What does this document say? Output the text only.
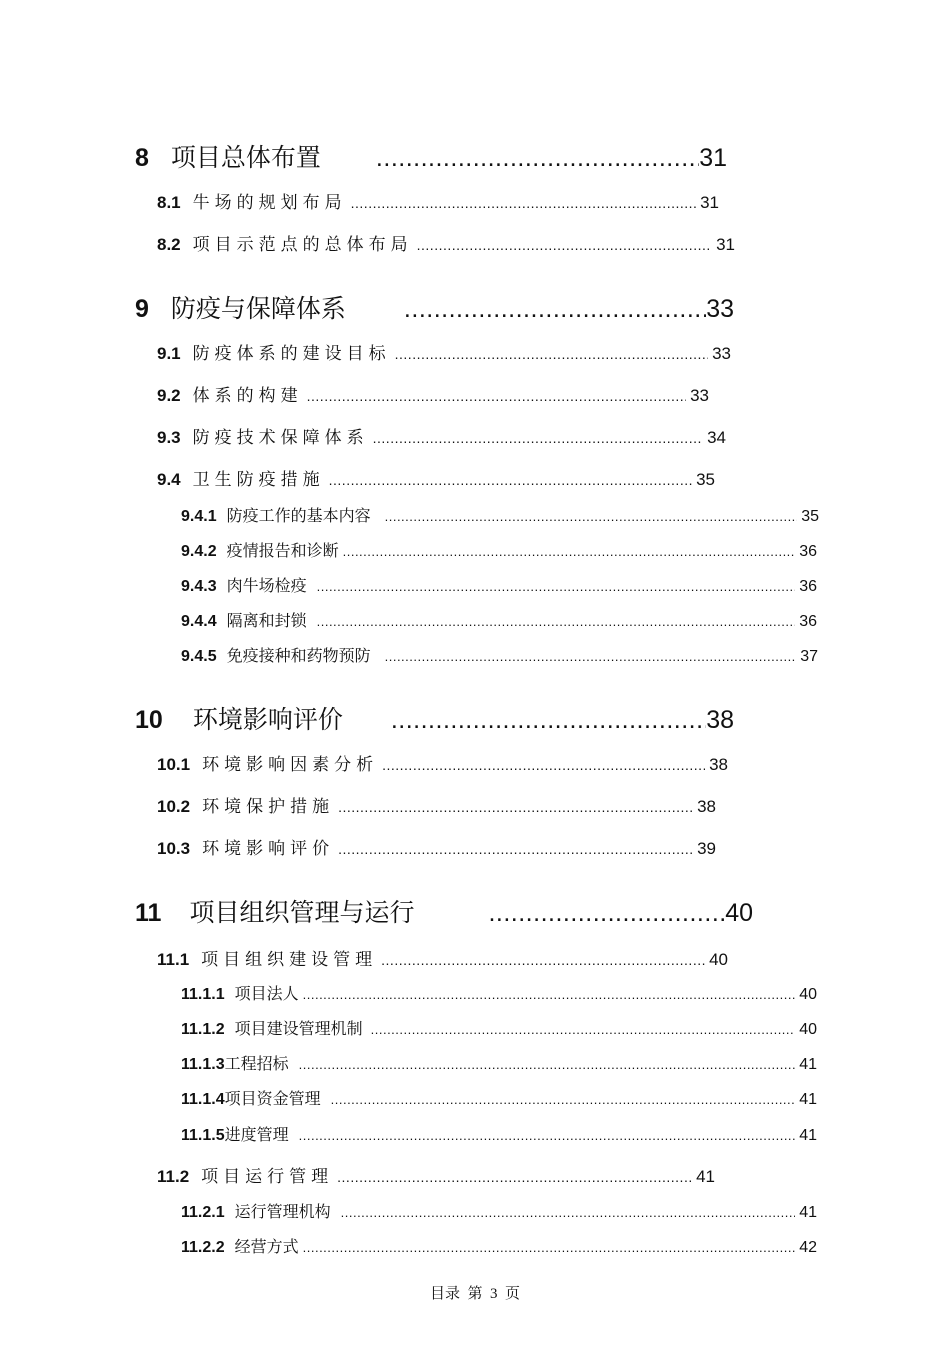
8 项目总体布置 .....	31
8.1 牛场的规划布局 .....	31
8.2 项目示范点的总体布局 .....	31
9 防疫与保障体系 .....	33
9.1 防疫体系的建设目标 .....	33
9.2 体系的构建 .....	33
9.3 防疫技术保障体系 .....	34
9.4 卫生防疫措施 .....	35
9.4.1 防疫工作的基本内容 .....	35
9.4.2 疫情报告和诊断 .....	36
9.4.3 肉牛场检疫 .....	36
9.4.4 隔离和封锁 .....	36
9.4.5 免疫接种和药物预防 .....	37
10 环境影响评价 .....	38
10.1 环境影响因素分析 .....	38
10.2 环境保护措施 .....	38
10.3 环境影响评价 .....	39
11 项目组织管理与运行 .....	40
11.1 项目组织建设管理 .....	40
11.1.1 项目法人 .....	40
11.1.2 项目建设管理机制 .....	40
11.1.3 工程招标 .....	41
11.1.4 项目资金管理 .....	41
11.1.5 进度管理 .....	41
11.2 项目运行管理 .....	41
11.2.1 运行管理机构 .....	41
11.2.2 经营方式 .....	42
目录  第  3  页
